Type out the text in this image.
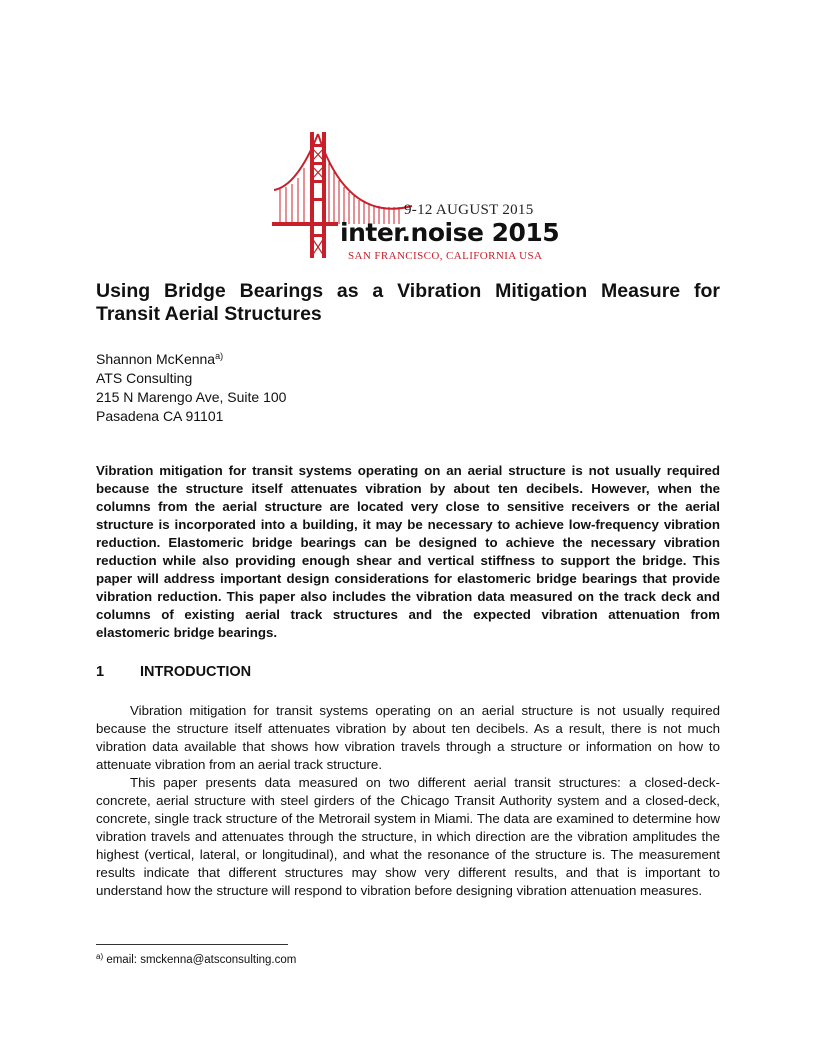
9-12 AUGUST 2015
inter.noise 2015
SAN FRANCISCO, CALIFORNIA USA
Using Bridge Bearings as a Vibration Mitigation Measure for
Transit Aerial Structures
Shannon McKenna$^{a)}$
ATS Consulting
215 N Marengo Ave, Suite 100
Pasadena CA 91101

Vibration mitigation for transit systems operating on an aerial structure is not usually required because the structure itself attenuates vibration by about ten decibels. However, when the columns from the aerial structure are located very close to sensitive receivers or the aerial structure is incorporated into a building, it may be necessary to achieve low-frequency vibration reduction. Elastomeric bridge bearings can be designed to achieve the necessary vibration reduction while also providing enough shear and vertical stiffness to support the bridge. This paper will address important design considerations for elastomeric bridge bearings that provide vibration reduction. This paper also includes the vibration data measured on the track deck and columns of existing aerial track structures and the expected vibration attenuation from elastomeric bridge bearings.

1 INTRODUCTION

Vibration mitigation for transit systems operating on an aerial structure is not usually required because the structure itself attenuates vibration by about ten decibels. As a result, there is not much vibration data available that shows how vibration travels through a structure or information on how to attenuate vibration from an aerial track structure.

This paper presents data measured on two different aerial transit structures: a closed-deck-concrete, aerial structure with steel girders of the Chicago Transit Authority system and a closed-deck, concrete, single track structure of the Metrorail system in Miami. The data are examined to determine how vibration travels and attenuates through the structure, in which direction are the vibration amplitudes the highest (vertical, lateral, or longitudinal), and what the resonance of the structure is. The measurement results indicate that different structures may show very different results, and that is important to understand how the structure will respond to vibration before designing vibration attenuation measures.

$^{a)}$ email: smckenna@atsconsulting.com
